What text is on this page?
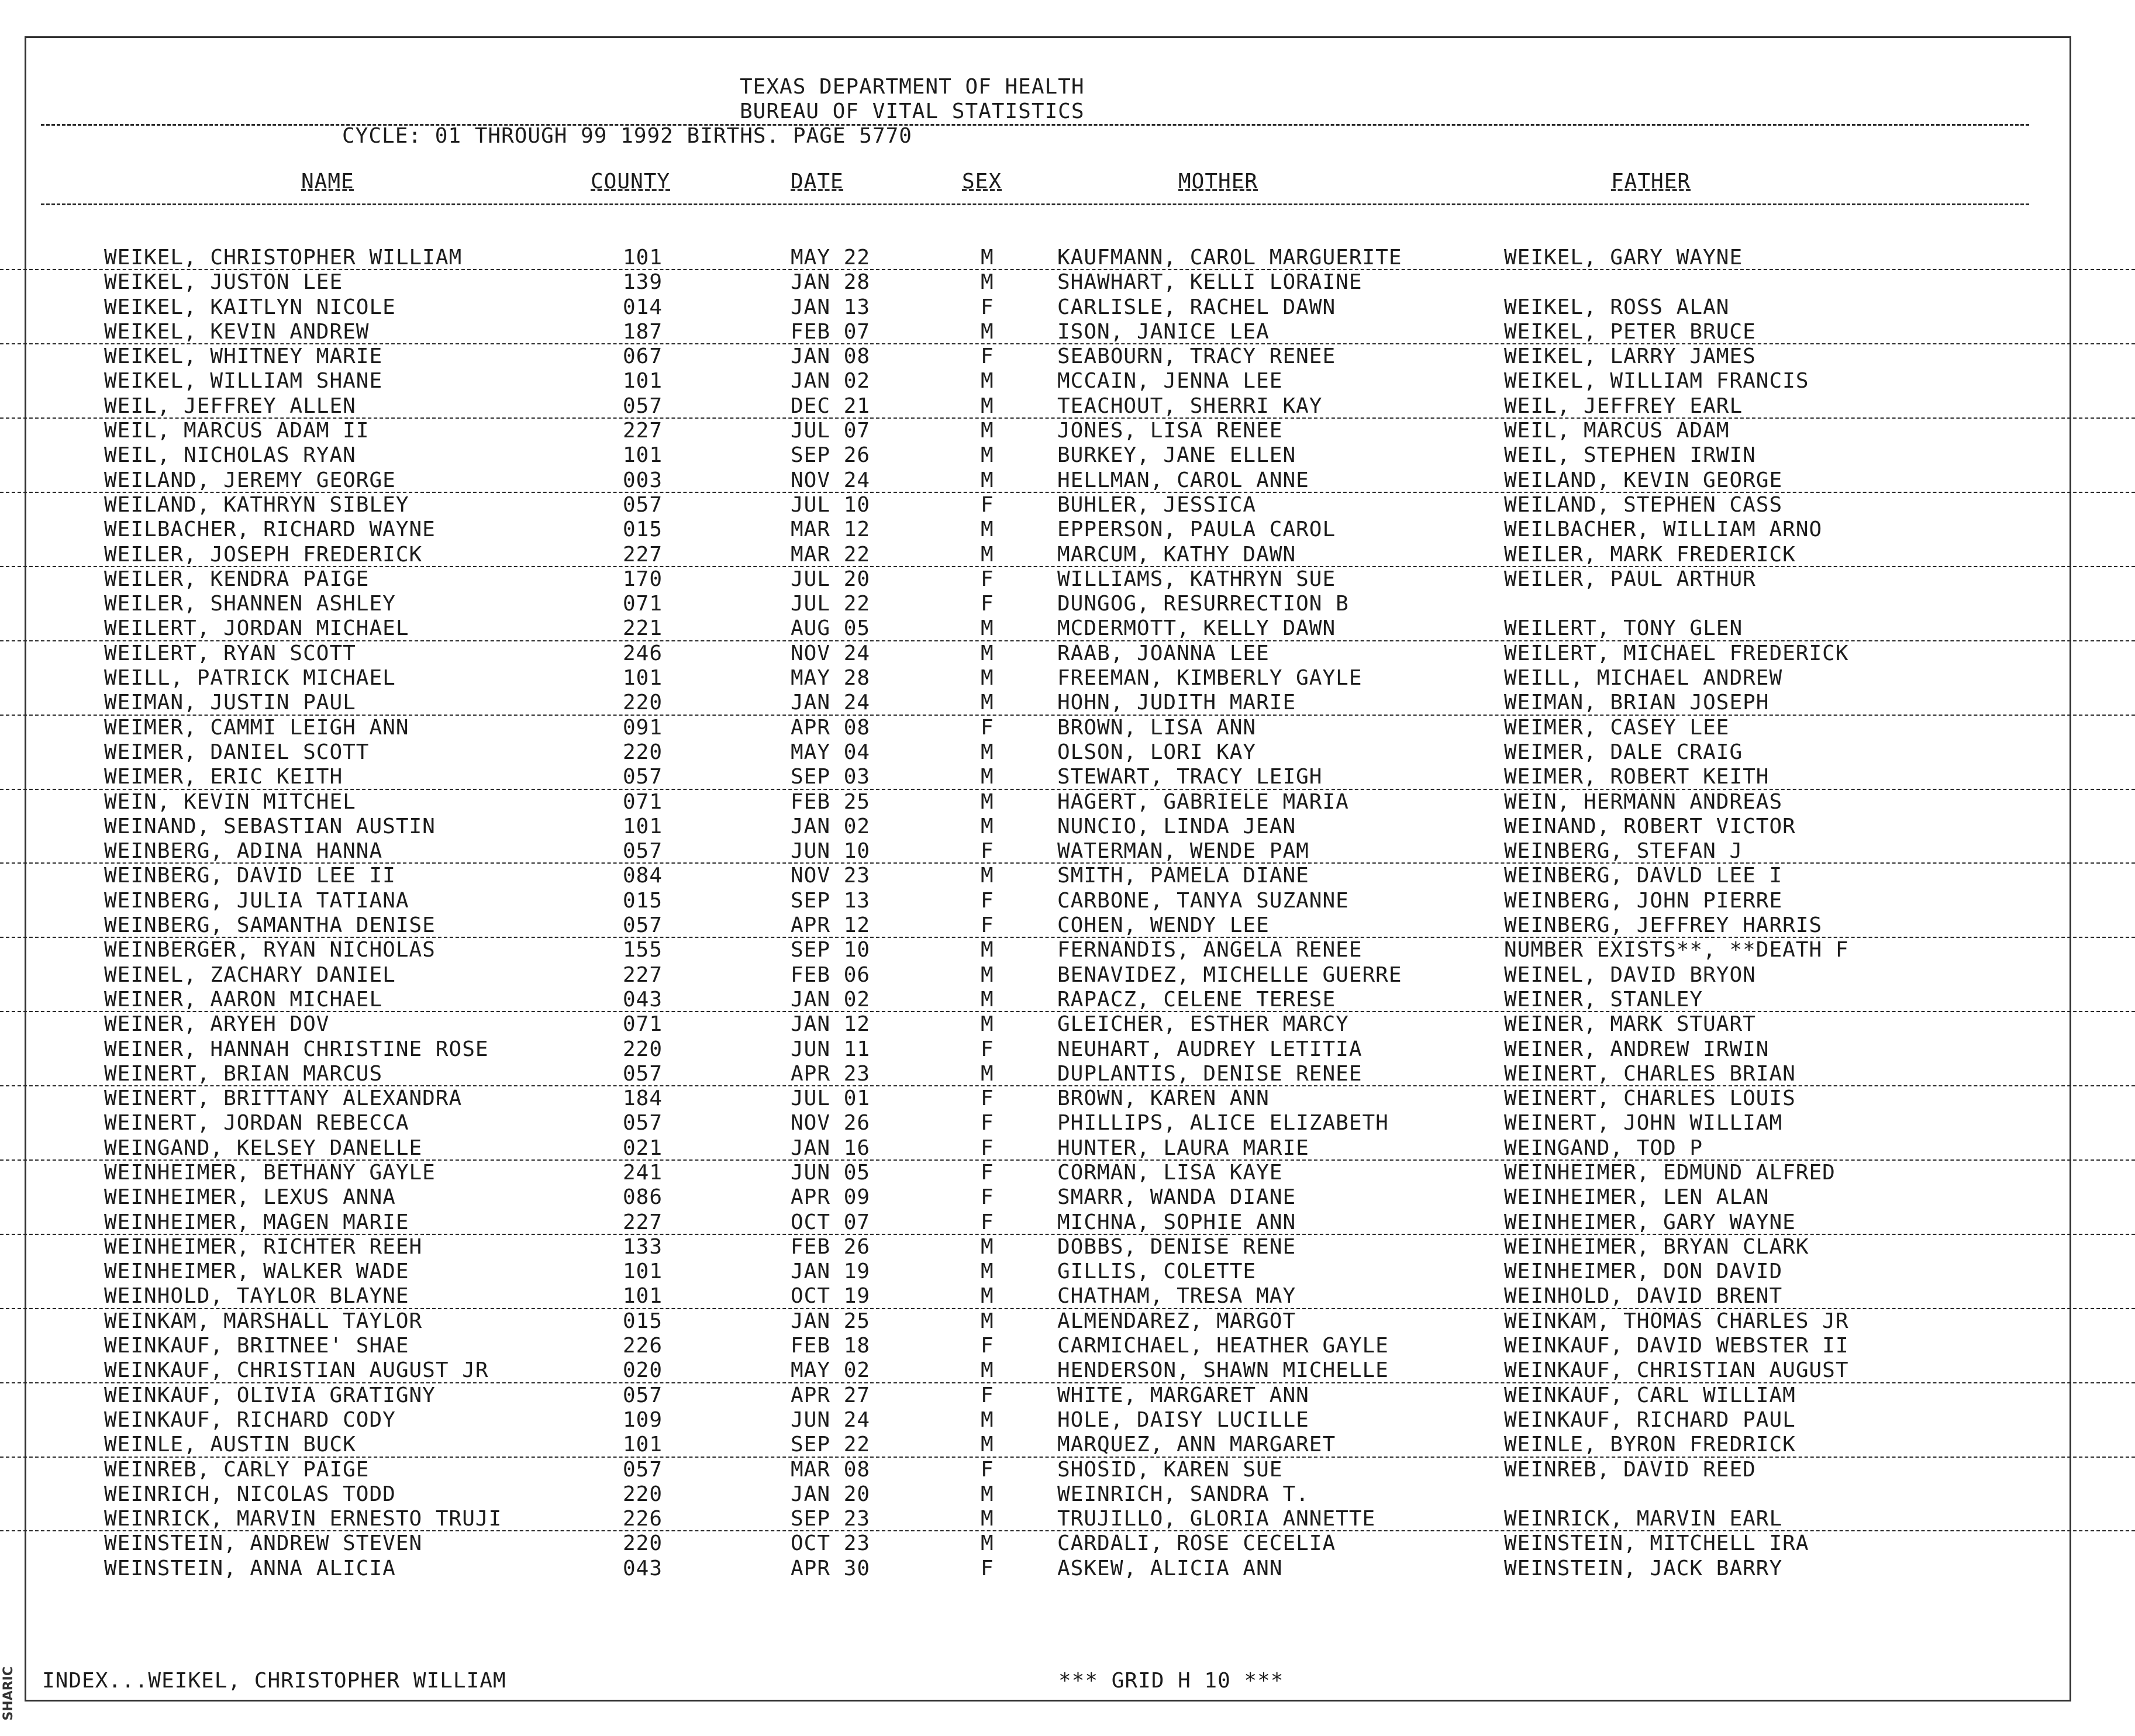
SHARIC
TEXAS DEPARTMENT OF HEALTH
BUREAU OF VITAL STATISTICS
CYCLE: 01 THROUGH 99 1992 BIRTHS. PAGE 5770
NAME	COUNTY	DATE	SEX	MOTHER	FATHER
WEIKEL, CHRISTOPHER WILLIAM	101	MAY 22	M	KAUFMANN, CAROL MARGUERITE	WEIKEL, GARY WAYNE
WEIKEL, JUSTON LEE	139	JAN 28	M	SHAWHART, KELLI LORAINE
WEIKEL, KAITLYN NICOLE	014	JAN 13	F	CARLISLE, RACHEL DAWN	WEIKEL, ROSS ALAN
WEIKEL, KEVIN ANDREW	187	FEB 07	M	ISON, JANICE LEA	WEIKEL, PETER BRUCE
WEIKEL, WHITNEY MARIE	067	JAN 08	F	SEABOURN, TRACY RENEE	WEIKEL, LARRY JAMES
WEIKEL, WILLIAM SHANE	101	JAN 02	M	MCCAIN, JENNA LEE	WEIKEL, WILLIAM FRANCIS
WEIL, JEFFREY ALLEN	057	DEC 21	M	TEACHOUT, SHERRI KAY	WEIL, JEFFREY EARL
WEIL, MARCUS ADAM II	227	JUL 07	M	JONES, LISA RENEE	WEIL, MARCUS ADAM
WEIL, NICHOLAS RYAN	101	SEP 26	M	BURKEY, JANE ELLEN	WEIL, STEPHEN IRWIN
WEILAND, JEREMY GEORGE	003	NOV 24	M	HELLMAN, CAROL ANNE	WEILAND, KEVIN GEORGE
WEILAND, KATHRYN SIBLEY	057	JUL 10	F	BUHLER, JESSICA	WEILAND, STEPHEN CASS
WEILBACHER, RICHARD WAYNE	015	MAR 12	M	EPPERSON, PAULA CAROL	WEILBACHER, WILLIAM ARNO
WEILER, JOSEPH FREDERICK	227	MAR 22	M	MARCUM, KATHY DAWN	WEILER, MARK FREDERICK
WEILER, KENDRA PAIGE	170	JUL 20	F	WILLIAMS, KATHRYN SUE	WEILER, PAUL ARTHUR
WEILER, SHANNEN ASHLEY	071	JUL 22	F	DUNGOG, RESURRECTION B
WEILERT, JORDAN MICHAEL	221	AUG 05	M	MCDERMOTT, KELLY DAWN	WEILERT, TONY GLEN
WEILERT, RYAN SCOTT	246	NOV 24	M	RAAB, JOANNA LEE	WEILERT, MICHAEL FREDERICK
WEILL, PATRICK MICHAEL	101	MAY 28	M	FREEMAN, KIMBERLY GAYLE	WEILL, MICHAEL ANDREW
WEIMAN, JUSTIN PAUL	220	JAN 24	M	HOHN, JUDITH MARIE	WEIMAN, BRIAN JOSEPH
WEIMER, CAMMI LEIGH ANN	091	APR 08	F	BROWN, LISA ANN	WEIMER, CASEY LEE
WEIMER, DANIEL SCOTT	220	MAY 04	M	OLSON, LORI KAY	WEIMER, DALE CRAIG
WEIMER, ERIC KEITH	057	SEP 03	M	STEWART, TRACY LEIGH	WEIMER, ROBERT KEITH
WEIN, KEVIN MITCHEL	071	FEB 25	M	HAGERT, GABRIELE MARIA	WEIN, HERMANN ANDREAS
WEINAND, SEBASTIAN AUSTIN	101	JAN 02	M	NUNCIO, LINDA JEAN	WEINAND, ROBERT VICTOR
WEINBERG, ADINA HANNA	057	JUN 10	F	WATERMAN, WENDE PAM	WEINBERG, STEFAN J
WEINBERG, DAVID LEE II	084	NOV 23	M	SMITH, PAMELA DIANE	WEINBERG, DAVLD LEE I
WEINBERG, JULIA TATIANA	015	SEP 13	F	CARBONE, TANYA SUZANNE	WEINBERG, JOHN PIERRE
WEINBERG, SAMANTHA DENISE	057	APR 12	F	COHEN, WENDY LEE	WEINBERG, JEFFREY HARRIS
WEINBERGER, RYAN NICHOLAS	155	SEP 10	M	FERNANDIS, ANGELA RENEE	NUMBER EXISTS**, **DEATH F
WEINEL, ZACHARY DANIEL	227	FEB 06	M	BENAVIDEZ, MICHELLE GUERRE	WEINEL, DAVID BRYON
WEINER, AARON MICHAEL	043	JAN 02	M	RAPACZ, CELENE TERESE	WEINER, STANLEY
WEINER, ARYEH DOV	071	JAN 12	M	GLEICHER, ESTHER MARCY	WEINER, MARK STUART
WEINER, HANNAH CHRISTINE ROSE	220	JUN 11	F	NEUHART, AUDREY LETITIA	WEINER, ANDREW IRWIN
WEINERT, BRIAN MARCUS	057	APR 23	M	DUPLANTIS, DENISE RENEE	WEINERT, CHARLES BRIAN
WEINERT, BRITTANY ALEXANDRA	184	JUL 01	F	BROWN, KAREN ANN	WEINERT, CHARLES LOUIS
WEINERT, JORDAN REBECCA	057	NOV 26	F	PHILLIPS, ALICE ELIZABETH	WEINERT, JOHN WILLIAM
WEINGAND, KELSEY DANELLE	021	JAN 16	F	HUNTER, LAURA MARIE	WEINGAND, TOD P
WEINHEIMER, BETHANY GAYLE	241	JUN 05	F	CORMAN, LISA KAYE	WEINHEIMER, EDMUND ALFRED
WEINHEIMER, LEXUS ANNA	086	APR 09	F	SMARR, WANDA DIANE	WEINHEIMER, LEN ALAN
WEINHEIMER, MAGEN MARIE	227	OCT 07	F	MICHNA, SOPHIE ANN	WEINHEIMER, GARY WAYNE
WEINHEIMER, RICHTER REEH	133	FEB 26	M	DOBBS, DENISE RENE	WEINHEIMER, BRYAN CLARK
WEINHEIMER, WALKER WADE	101	JAN 19	M	GILLIS, COLETTE	WEINHEIMER, DON DAVID
WEINHOLD, TAYLOR BLAYNE	101	OCT 19	M	CHATHAM, TRESA MAY	WEINHOLD, DAVID BRENT
WEINKAM, MARSHALL TAYLOR	015	JAN 25	M	ALMENDAREZ, MARGOT	WEINKAM, THOMAS CHARLES JR
WEINKAUF, BRITNEE' SHAE	226	FEB 18	F	CARMICHAEL, HEATHER GAYLE	WEINKAUF, DAVID WEBSTER II
WEINKAUF, CHRISTIAN AUGUST JR	020	MAY 02	M	HENDERSON, SHAWN MICHELLE	WEINKAUF, CHRISTIAN AUGUST
WEINKAUF, OLIVIA GRATIGNY	057	APR 27	F	WHITE, MARGARET ANN	WEINKAUF, CARL WILLIAM
WEINKAUF, RICHARD CODY	109	JUN 24	M	HOLE, DAISY LUCILLE	WEINKAUF, RICHARD PAUL
WEINLE, AUSTIN BUCK	101	SEP 22	M	MARQUEZ, ANN MARGARET	WEINLE, BYRON FREDRICK
WEINREB, CARLY PAIGE	057	MAR 08	F	SHOSID, KAREN SUE	WEINREB, DAVID REED
WEINRICH, NICOLAS TODD	220	JAN 20	M	WEINRICH, SANDRA T.
WEINRICK, MARVIN ERNESTO TRUJI	226	SEP 23	M	TRUJILLO, GLORIA ANNETTE	WEINRICK, MARVIN EARL
WEINSTEIN, ANDREW STEVEN	220	OCT 23	M	CARDALI, ROSE CECELIA	WEINSTEIN, MITCHELL IRA
WEINSTEIN, ANNA ALICIA	043	APR 30	F	ASKEW, ALICIA ANN	WEINSTEIN, JACK BARRY
INDEX...WEIKEL, CHRISTOPHER WILLIAM	*** GRID H 10 ***
